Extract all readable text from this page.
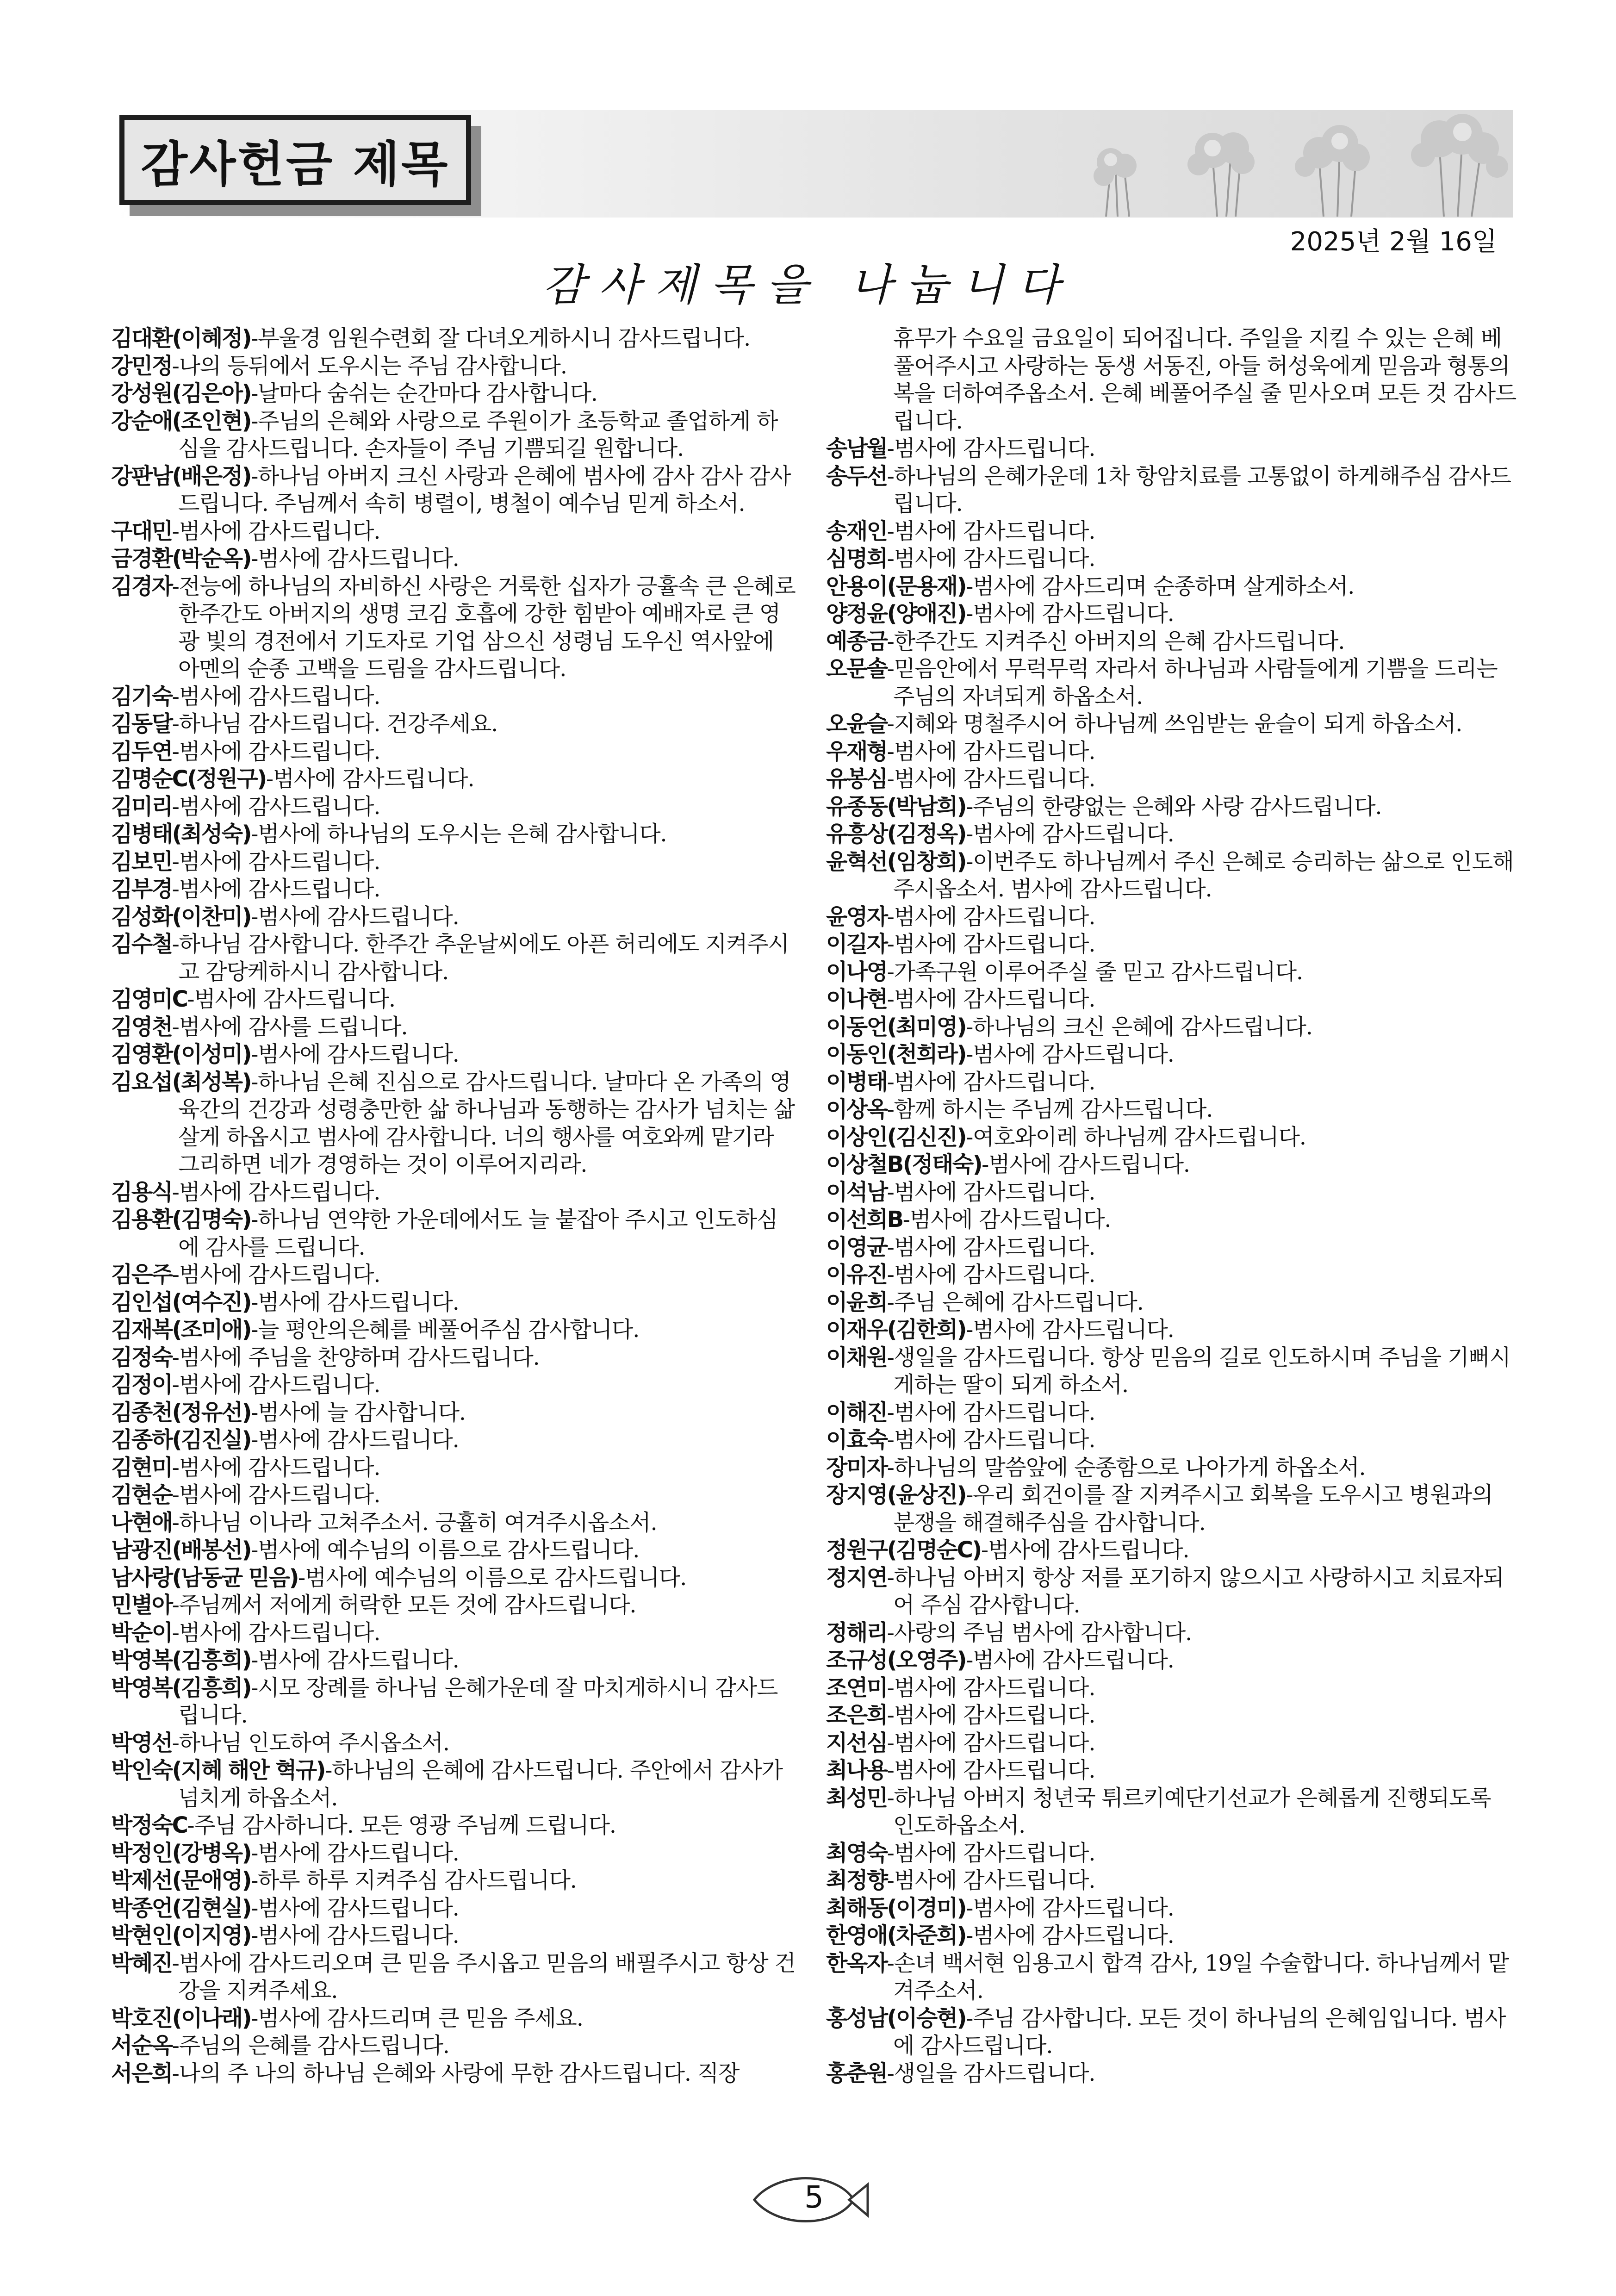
감사헌금 제목
2025년 2월 16일
감사제목을 나눕니다
김대환(이혜정)-부울경 임원수련회 잘 다녀오게하시니 감사드립니다.
강민정-나의 등뒤에서 도우시는 주님 감사합니다.
강성원(김은아)-날마다 숨쉬는 순간마다 감사합니다.
강순애(조인현)-주님의 은혜와 사랑으로 주원이가 초등학교 졸업하게 하심을 감사드립니다. 손자들이 주님 기쁨되길 원합니다.
강판남(배은정)-하나님 아버지 크신 사랑과 은혜에 범사에 감사 감사 감사드립니다. 주님께서 속히 병렬이, 병철이 예수님 믿게 하소서.
구대민-범사에 감사드립니다.
금경환(박순옥)-범사에 감사드립니다.
김경자-전능에 하나님의 자비하신 사랑은 거룩한 십자가 긍휼속 큰 은혜로 한주간도 아버지의 생명 코김 호흡에 강한 힘받아 예배자로 큰 영광 빛의 경전에서 기도자로 기업 삼으신 성령님 도우신 역사앞에 아멘의 순종 고백을 드림을 감사드립니다.
김기숙-범사에 감사드립니다.
김동달-하나님 감사드립니다. 건강주세요.
김두연-범사에 감사드립니다.
김명순C(정원구)-범사에 감사드립니다.
김미리-범사에 감사드립니다.
김병태(최성숙)-범사에 하나님의 도우시는 은혜 감사합니다.
김보민-범사에 감사드립니다.
김부경-범사에 감사드립니다.
김성화(이찬미)-범사에 감사드립니다.
김수철-하나님 감사합니다. 한주간 추운날씨에도 아픈 허리에도 지켜주시고 감당케하시니 감사합니다.
김영미C-범사에 감사드립니다.
김영천-범사에 감사를 드립니다.
김영환(이성미)-범사에 감사드립니다.
김요섭(최성복)-하나님 은혜 진심으로 감사드립니다. 날마다 온 가족의 영육간의 건강과 성령충만한 삶 하나님과 동행하는 감사가 넘치는 삶 살게 하옵시고 범사에 감사합니다. 너의 행사를 여호와께 맡기라 그리하면 네가 경영하는 것이 이루어지리라.
김용식-범사에 감사드립니다.
김용환(김명숙)-하나님 연약한 가운데에서도 늘 붙잡아 주시고 인도하심에 감사를 드립니다.
김은주-범사에 감사드립니다.
김인섭(여수진)-범사에 감사드립니다.
김재복(조미애)-늘 평안의은혜를 베풀어주심 감사합니다.
김정숙-범사에 주님을 찬양하며 감사드립니다.
김정이-범사에 감사드립니다.
김종천(정유선)-범사에 늘 감사합니다.
김종하(김진실)-범사에 감사드립니다.
김현미-범사에 감사드립니다.
김현순-범사에 감사드립니다.
나현애-하나님 이나라 고쳐주소서. 긍휼히 여겨주시옵소서.
남광진(배봉선)-범사에 예수님의 이름으로 감사드립니다.
남사랑(남동균 믿음)-범사에 예수님의 이름으로 감사드립니다.
민별아-주님께서 저에게 허락한 모든 것에 감사드립니다.
박순이-범사에 감사드립니다.
박영복(김흥희)-범사에 감사드립니다.
박영복(김흥희)-시모 장례를 하나님 은혜가운데 잘 마치게하시니 감사드립니다.
박영선-하나님 인도하여 주시옵소서.
박인숙(지혜 해안 혁규)-하나님의 은혜에 감사드립니다. 주안에서 감사가 넘치게 하옵소서.
박정숙C-주님 감사하니다. 모든 영광 주님께 드립니다.
박정인(강병옥)-범사에 감사드립니다.
박제선(문애영)-하루 하루 지켜주심 감사드립니다.
박종언(김현실)-범사에 감사드립니다.
박현인(이지영)-범사에 감사드립니다.
박혜진-범사에 감사드리오며 큰 믿음 주시옵고 믿음의 배필주시고 항상 건강을 지켜주세요.
박호진(이나래)-범사에 감사드리며 큰 믿음 주세요.
서순옥-주님의 은혜를 감사드립니다.
서은희-나의 주 나의 하나님 은혜와 사랑에 무한 감사드립니다. 직장
휴무가 수요일 금요일이 되어집니다. 주일을 지킬 수 있는 은혜 베풀어주시고 사랑하는 동생 서동진, 아들 허성욱에게 믿음과 형통의 복을 더하여주옵소서. 은혜 베풀어주실 줄 믿사오며 모든 것 감사드립니다.
송남월-범사에 감사드립니다.
송두선-하나님의 은혜가운데 1차 항암치료를 고통없이 하게해주심 감사드립니다.
송재인-범사에 감사드립니다.
심명희-범사에 감사드립니다.
안용이(문용재)-범사에 감사드리며 순종하며 살게하소서.
양정윤(양애진)-범사에 감사드립니다.
예종금-한주간도 지켜주신 아버지의 은혜 감사드립니다.
오문솔-믿음안에서 무럭무럭 자라서 하나님과 사람들에게 기쁨을 드리는 주님의 자녀되게 하옵소서.
오윤슬-지혜와 명철주시어 하나님께 쓰임받는 윤슬이 되게 하옵소서.
우재형-범사에 감사드립니다.
유봉심-범사에 감사드립니다.
유종동(박남희)-주님의 한량없는 은혜와 사랑 감사드립니다.
유흥상(김정옥)-범사에 감사드립니다.
윤혁선(임창희)-이번주도 하나님께서 주신 은혜로 승리하는 삶으로 인도해주시옵소서. 범사에 감사드립니다.
윤영자-범사에 감사드립니다.
이길자-범사에 감사드립니다.
이나영-가족구원 이루어주실 줄 믿고 감사드립니다.
이나현-범사에 감사드립니다.
이동언(최미영)-하나님의 크신 은혜에 감사드립니다.
이동인(천희라)-범사에 감사드립니다.
이병태-범사에 감사드립니다.
이상옥-함께 하시는 주님께 감사드립니다.
이상인(김신진)-여호와이레 하나님께 감사드립니다.
이상철B(정태숙)-범사에 감사드립니다.
이석남-범사에 감사드립니다.
이선희B-범사에 감사드립니다.
이영균-범사에 감사드립니다.
이유진-범사에 감사드립니다.
이윤희-주님 은혜에 감사드립니다.
이재우(김한희)-범사에 감사드립니다.
이채원-생일을 감사드립니다. 항상 믿음의 길로 인도하시며 주님을 기뻐시게하는 딸이 되게 하소서.
이해진-범사에 감사드립니다.
이효숙-범사에 감사드립니다.
장미자-하나님의 말씀앞에 순종함으로 나아가게 하옵소서.
장지영(윤상진)-우리 회건이를 잘 지켜주시고 회복을 도우시고 병원과의 분쟁을 해결해주심을 감사합니다.
정원구(김명순C)-범사에 감사드립니다.
정지연-하나님 아버지 항상 저를 포기하지 않으시고 사랑하시고 치료자되어 주심 감사합니다.
정해리-사랑의 주님 범사에 감사합니다.
조규성(오영주)-범사에 감사드립니다.
조연미-범사에 감사드립니다.
조은희-범사에 감사드립니다.
지선심-범사에 감사드립니다.
최나용-범사에 감사드립니다.
최성민-하나님 아버지 청년국 튀르키예단기선교가 은혜롭게 진행되도록 인도하옵소서.
최영숙-범사에 감사드립니다.
최정향-범사에 감사드립니다.
최해동(이경미)-범사에 감사드립니다.
한영애(차준희)-범사에 감사드립니다.
한옥자-손녀 백서현 임용고시 합격 감사, 19일 수술합니다. 하나님께서 맡겨주소서.
홍성남(이승현)-주님 감사합니다. 모든 것이 하나님의 은혜임입니다. 범사에 감사드립니다.
홍춘원-생일을 감사드립니다.
5
